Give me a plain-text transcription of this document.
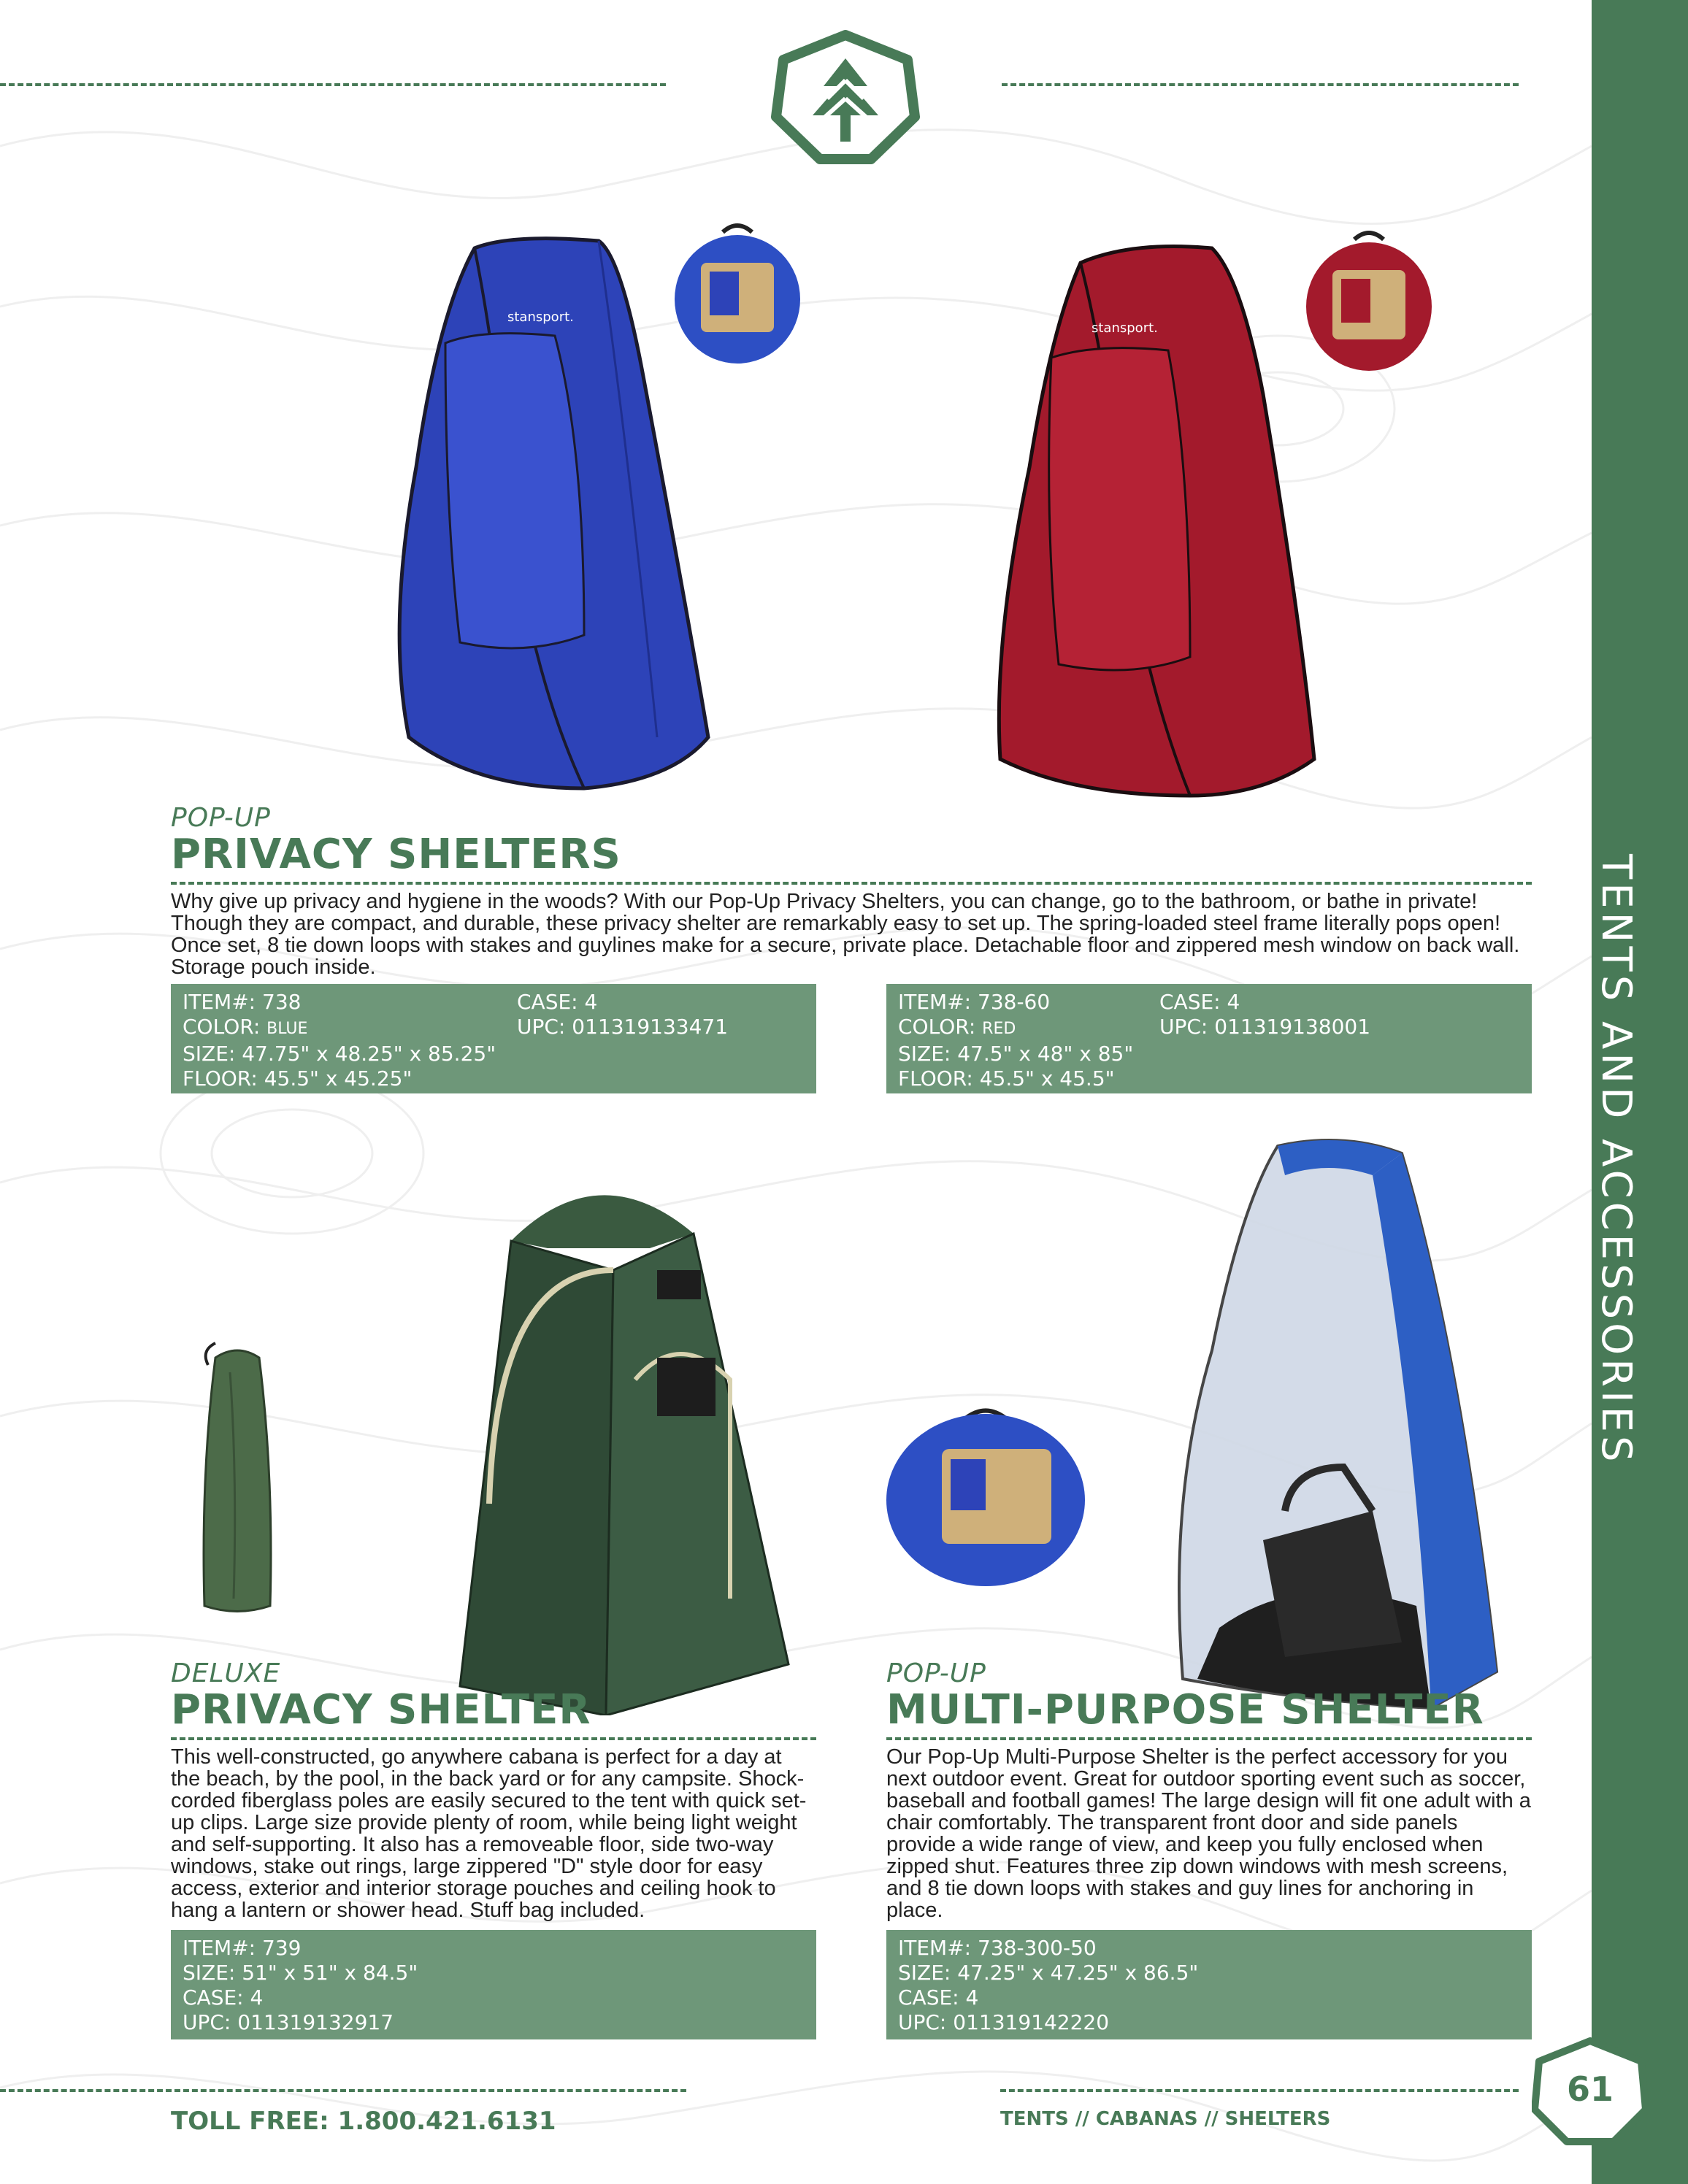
TENTS AND ACCESSORIES
stansport.
stansport.
POP-UP
PRIVACY SHELTERS

Why give up privacy and hygiene in the woods? With our Pop-Up Privacy Shelters, you can change, go to the bathroom, or bathe in private! Though they are compact, and durable, these privacy shelter are remarkably easy to set up. The spring-loaded steel frame literally pops open! Once set, 8 tie down loops with stakes and guylines make for a secure, private place. Detachable floor and zippered mesh window on back wall. Storage pouch inside.

ITEM#: 738
COLOR: BLUE
SIZE: 47.75" x 48.25" x 85.25"
FLOOR: 45.5" x 45.25"
CASE: 4
UPC: 011319133471
ITEM#: 738-60
COLOR: RED
SIZE: 47.5" x 48" x 85"
FLOOR: 45.5" x 45.5"
CASE: 4
UPC: 011319138001
DELUXE
PRIVACY SHELTER

This well-constructed, go anywhere cabana is perfect for a day at the beach, by the pool, in the back yard or for any campsite. Shock-corded fiberglass poles are easily secured to the tent with quick set-up clips. Large size provide plenty of room, while being light weight and self-supporting. It also has a removeable floor, side two-way windows, stake out rings, large zippered "D" style door for easy access, exterior and interior storage pouches and ceiling hook to hang a lantern or shower head. Stuff bag included.

ITEM#: 739
SIZE: 51" x 51" x 84.5"
CASE: 4
UPC: 011319132917
POP-UP
MULTI-PURPOSE SHELTER

Our Pop-Up Multi-Purpose Shelter is the perfect accessory for you next outdoor event. Great for outdoor sporting event such as soccer, baseball and football games! The large design will fit one adult with a chair comfortably. The transparent front door and side panels provide a wide range of view, and keep you fully enclosed when zipped shut. Features three zip down windows with mesh screens, and 8 tie down loops with stakes and guy lines for anchoring in place.

ITEM#: 738-300-50
SIZE: 47.25" x 47.25" x 86.5"
CASE: 4
UPC: 011319142220
TOLL FREE: 1.800.421.6131	TENTS // CABANAS // SHELTERS
61
